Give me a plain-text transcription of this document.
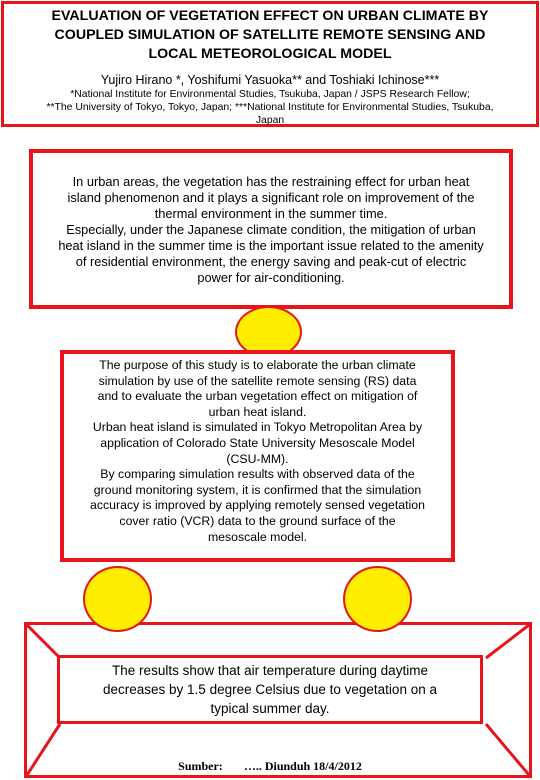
EVALUATION OF VEGETATION EFFECT ON URBAN CLIMATE BY
COUPLED SIMULATION OF SATELLITE REMOTE SENSING AND
LOCAL METEOROLOGICAL MODEL
Yujiro Hirano *, Yoshifumi Yasuoka** and Toshiaki Ichinose***
*National Institute for Environmental Studies, Tsukuba, Japan / JSPS Research Fellow;
**The University of Tokyo, Tokyo, Japan; ***National Institute for Environmental Studies, Tsukuba,
Japan
In urban areas, the vegetation has the restraining effect for urban heat
island phenomenon and it plays a significant role on improvement of the
thermal environment in the summer time.
Especially, under the Japanese climate condition, the mitigation of urban
heat island in the summer time is the important issue related to the amenity
of residential environment, the energy saving and peak-cut of electric
power for air-conditioning.
The purpose of this study is to elaborate the urban climate
simulation by use of the satellite remote sensing (RS) data
and to evaluate the urban vegetation effect on mitigation of
urban heat island.
Urban heat island is simulated in Tokyo Metropolitan Area by
application of Colorado State University Mesoscale Model
(CSU-MM).
By comparing simulation results with observed data of the
ground monitoring system, it is confirmed that the simulation
accuracy is improved by applying remotely sensed vegetation
cover ratio (VCR) data to the ground surface of the
mesoscale model.
The results show that air temperature during daytime
decreases by 1.5 degree Celsius due to vegetation on a
typical summer day.
Sumber: ….. Diunduh 18/4/2012
